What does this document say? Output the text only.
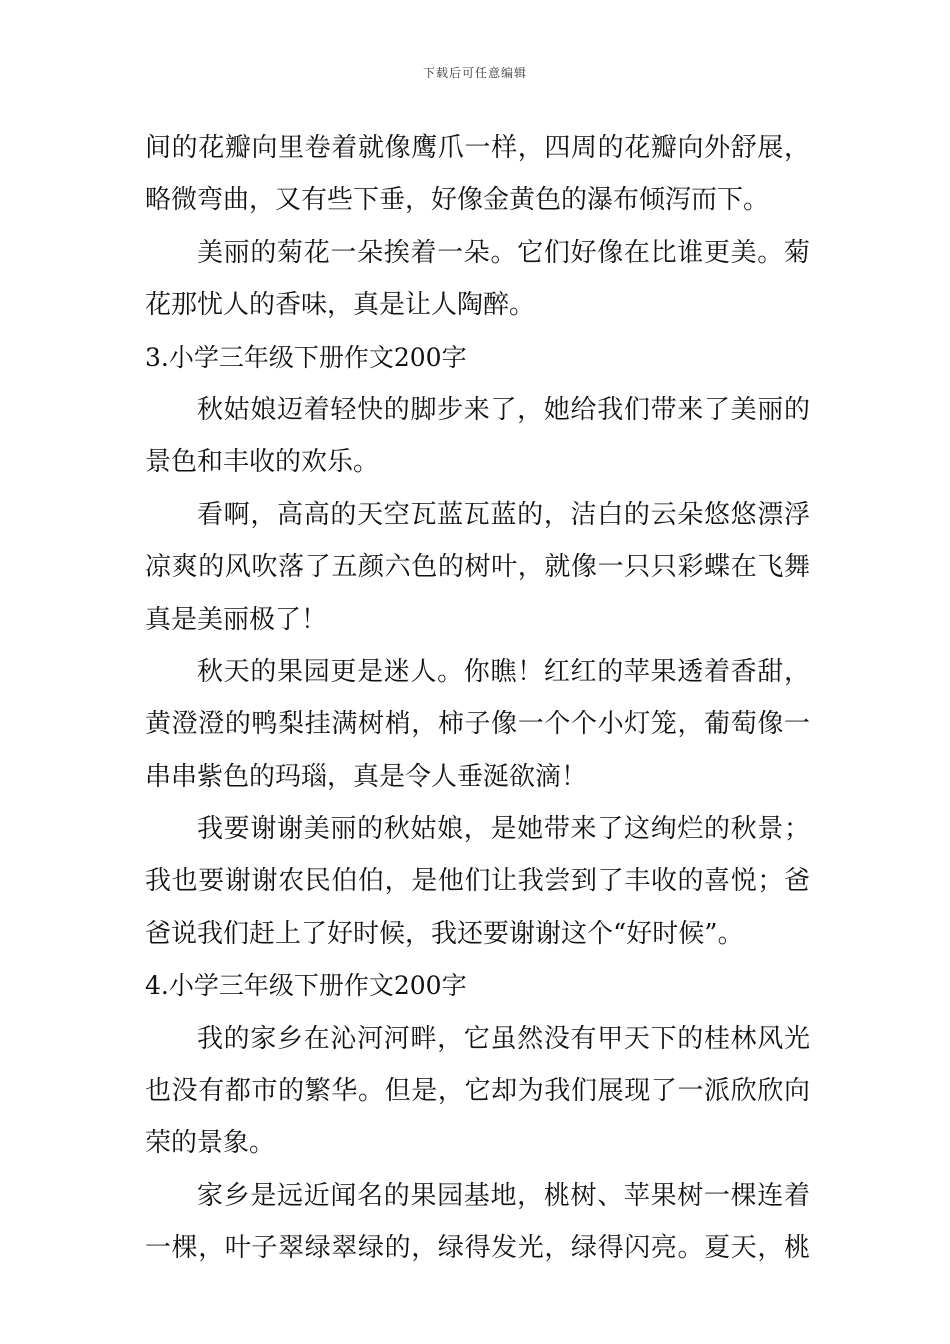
下载后可任意编辑
间的花瓣向里卷着就像鹰爪一样，四周的花瓣向外舒展，
略微弯曲，又有些下垂，好像金黄色的瀑布倾泻而下。
美丽的菊花一朵挨着一朵。它们好像在比谁更美。菊
花那忧人的香味，真是让人陶醉。
3.小学三年级下册作文200字
秋姑娘迈着轻快的脚步来了，她给我们带来了美丽的
景色和丰收的欢乐。
看啊，高高的天空瓦蓝瓦蓝的，洁白的云朵悠悠漂浮
凉爽的风吹落了五颜六色的树叶，就像一只只彩蝶在飞舞
真是美丽极了！
秋天的果园更是迷人。你瞧！红红的苹果透着香甜，
黄澄澄的鸭梨挂满树梢，柿子像一个个小灯笼，葡萄像一
串串紫色的玛瑙，真是令人垂涎欲滴！
我要谢谢美丽的秋姑娘，是她带来了这绚烂的秋景；
我也要谢谢农民伯伯，是他们让我尝到了丰收的喜悦；爸
爸说我们赶上了好时候，我还要谢谢这个“好时候”。
4.小学三年级下册作文200字
我的家乡在沁河河畔，它虽然没有甲天下的桂林风光
也没有都市的繁华。但是，它却为我们展现了一派欣欣向
荣的景象。
家乡是远近闻名的果园基地，桃树、苹果树一棵连着
一棵，叶子翠绿翠绿的，绿得发光，绿得闪亮。夏天，桃
